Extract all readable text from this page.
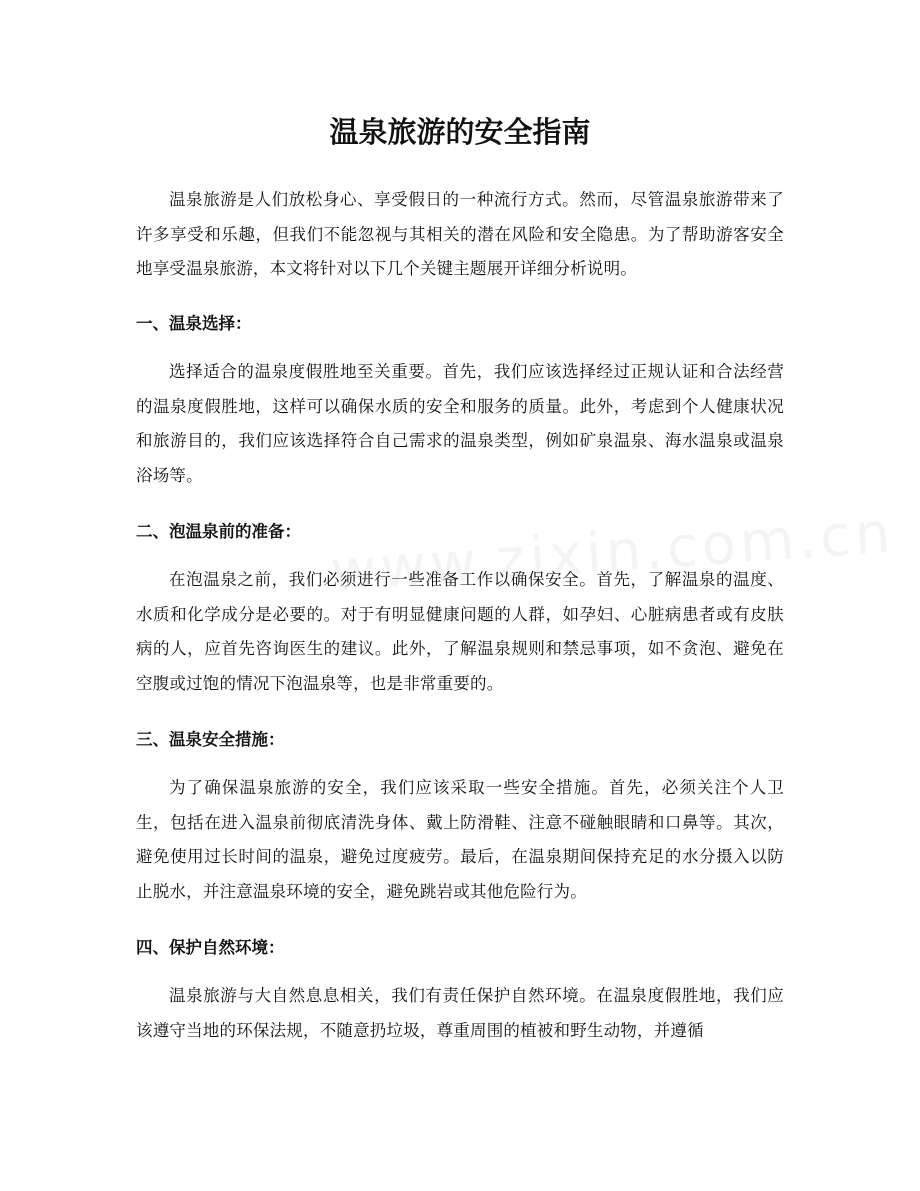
温泉旅游的安全指南
温泉旅游是人们放松身心、享受假日的一种流行方式。然而，尽管温泉旅游带来了许多享受和乐趣，但我们不能忽视与其相关的潜在风险和安全隐患。为了帮助游客安全地享受温泉旅游，本文将针对以下几个关键主题展开详细分析说明。
一、温泉选择：
选择适合的温泉度假胜地至关重要。首先，我们应该选择经过正规认证和合法经营的温泉度假胜地，这样可以确保水质的安全和服务的质量。此外，考虑到个人健康状况和旅游目的，我们应该选择符合自己需求的温泉类型，例如矿泉温泉、海水温泉或温泉浴场等。
二、泡温泉前的准备：
在泡温泉之前，我们必须进行一些准备工作以确保安全。首先，了解温泉的温度、水质和化学成分是必要的。对于有明显健康问题的人群，如孕妇、心脏病患者或有皮肤病的人，应首先咨询医生的建议。此外，了解温泉规则和禁忌事项，如不贪泡、避免在空腹或过饱的情况下泡温泉等，也是非常重要的。
三、温泉安全措施：
为了确保温泉旅游的安全，我们应该采取一些安全措施。首先，必须关注个人卫生，包括在进入温泉前彻底清洗身体、戴上防滑鞋、注意不碰触眼睛和口鼻等。其次，避免使用过长时间的温泉，避免过度疲劳。最后，在温泉期间保持充足的水分摄入以防止脱水，并注意温泉环境的安全，避免跳岩或其他危险行为。
四、保护自然环境：
温泉旅游与大自然息息相关，我们有责任保护自然环境。在温泉度假胜地，我们应该遵守当地的环保法规，不随意扔垃圾，尊重周围的植被和野生动物，并遵循
